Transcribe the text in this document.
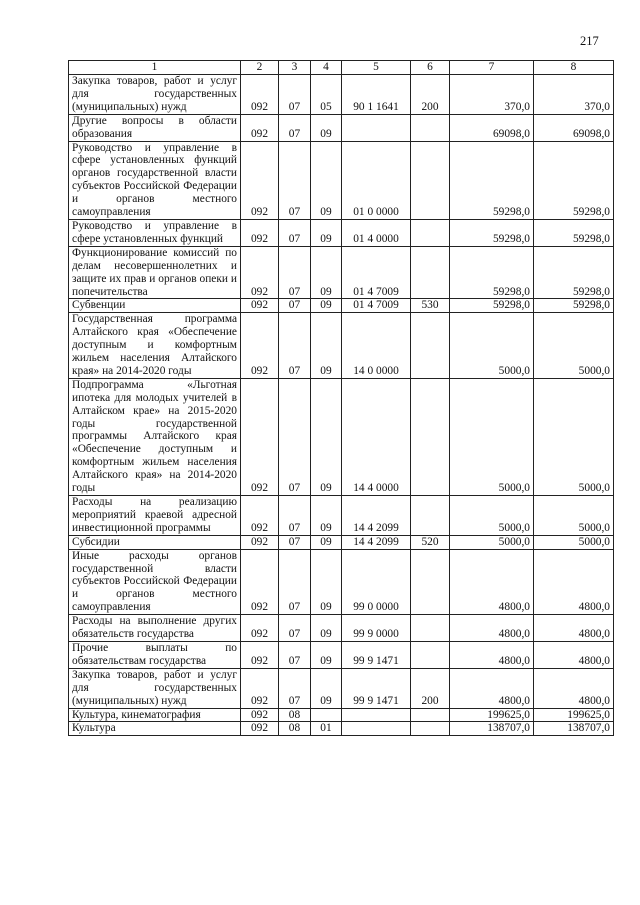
217
1	2	3	4	5	6	7	8
Закупка товаров, работ и услуг для государственных (муниципальных) нужд	092	07	05	90 1 1641	200	370,0	370,0
Другие вопросы в области образования	092	07	09			69098,0	69098,0
Руководство и управление в сфере установленных функций органов государственной власти субъектов Российской Федерации и органов местного самоуправления	092	07	09	01 0 0000		59298,0	59298,0
Руководство и управление в сфере установленных функций	092	07	09	01 4 0000		59298,0	59298,0
Функционирование комиссий по делам несовершеннолетних и защите их прав и органов опеки и попечительства	092	07	09	01 4 7009		59298,0	59298,0
Субвенции	092	07	09	01 4 7009	530	59298,0	59298,0
Государственная программа Алтайского края «Обеспечение доступным и комфортным жильем населения Алтайского края» на 2014-2020 годы	092	07	09	14 0 0000		5000,0	5000,0
Подпрограмма «Льготная ипотека для молодых учителей в Алтайском крае» на 2015-2020 годы государственной программы Алтайского края «Обеспечение доступным и комфортным жильем населения Алтайского края» на 2014-2020 годы	092	07	09	14 4 0000		5000,0	5000,0
Расходы на реализацию мероприятий краевой адресной инвестиционной программы	092	07	09	14 4 2099		5000,0	5000,0
Субсидии	092	07	09	14 4 2099	520	5000,0	5000,0
Иные расходы органов государственной власти субъектов Российской Федерации и органов местного самоуправления	092	07	09	99 0 0000		4800,0	4800,0
Расходы на выполнение других обязательств государства	092	07	09	99 9 0000		4800,0	4800,0
Прочие выплаты по обязательствам государства	092	07	09	99 9 1471		4800,0	4800,0
Закупка товаров, работ и услуг для государственных (муниципальных) нужд	092	07	09	99 9 1471	200	4800,0	4800,0
Культура, кинематография	092	08				199625,0	199625,0
Культура	092	08	01			138707,0	138707,0
